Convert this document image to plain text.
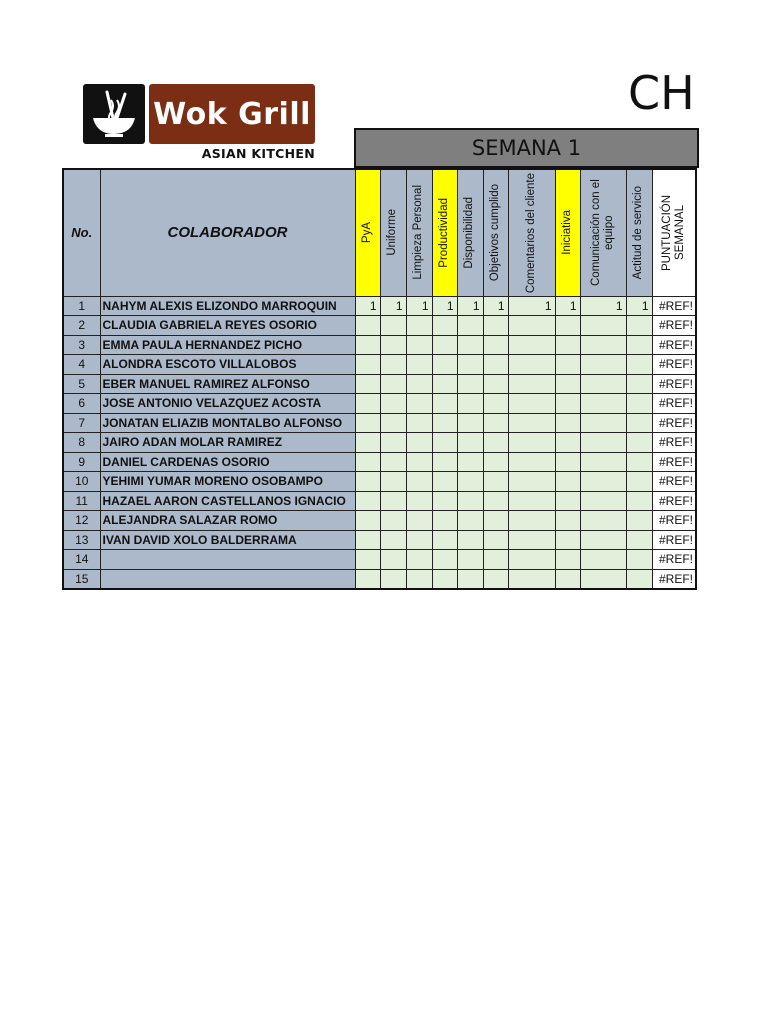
Wok Grill
ASIAN KITCHEN
CH
SEMANA 1
No.	COLABORADOR	PyA	Uniforme	Limpieza Personal	Productividad	Disponibilidad	Objetivos cumplido	Comentarios del cliente	Iniciativa	Comunicación con el equipo	Actitud de servicio	PUNTUACIÓN SEMANAL

1	NAHYM ALEXIS ELIZONDO MARROQUIN	1	1	1	1	1	1	1	1	1	1	#REF!
2	CLAUDIA GABRIELA REYES OSORIO											#REF!
3	EMMA PAULA HERNANDEZ PICHO											#REF!
4	ALONDRA ESCOTO VILLALOBOS											#REF!
5	EBER MANUEL RAMIREZ ALFONSO											#REF!
6	JOSE ANTONIO VELAZQUEZ ACOSTA											#REF!
7	JONATAN ELIAZIB MONTALBO ALFONSO											#REF!
8	JAIRO ADAN MOLAR RAMIREZ											#REF!
9	DANIEL CARDENAS OSORIO											#REF!
10	YEHIMI YUMAR MORENO OSOBAMPO											#REF!
11	HAZAEL AARON CASTELLANOS IGNACIO											#REF!
12	ALEJANDRA SALAZAR ROMO											#REF!
13	IVAN DAVID XOLO BALDERRAMA											#REF!
14												#REF!
15												#REF!
